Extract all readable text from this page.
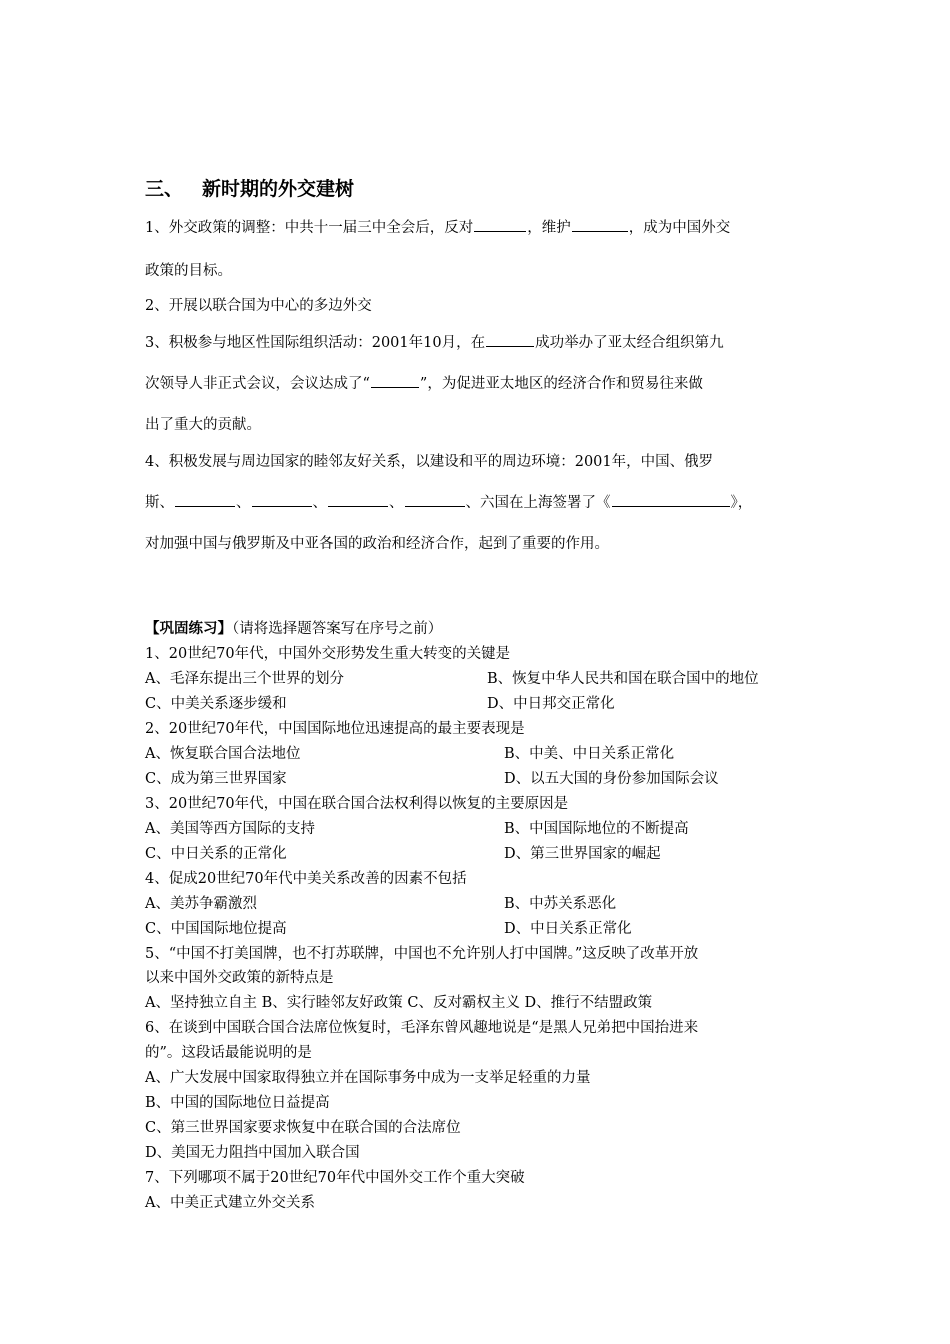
三、 新时期的外交建树
1、外交政策的调整：中共十一届三中全会后，反对	，维护	，成为中国外交
政策的目标。
2、开展以联合国为中心的多边外交
3、积极参与地区性国际组织活动：2001年10月，在	成功举办了亚太经合组织第九
次领导人非正式会议，会议达成了“	”，为促进亚太地区的经济合作和贸易往来做
出了重大的贡献。
4、积极发展与周边国家的睦邻友好关系，以建设和平的周边环境：2001年，中国、俄罗
斯、	、	、	、	、六国在上海签署了《	》，
对加强中国与俄罗斯及中亚各国的政治和经济合作，起到了重要的作用。
【巩固练习】（请将选择题答案写在序号之前）
1、20世纪70年代，中国外交形势发生重大转变的关键是
A、毛泽东提出三个世界的划分	B、恢复中华人民共和国在联合国中的地位
C、中美关系逐步缓和	D、中日邦交正常化
2、20世纪70年代，中国国际地位迅速提高的最主要表现是
A、恢复联合国合法地位	B、中美、中日关系正常化
C、成为第三世界国家	D、以五大国的身份参加国际会议
3、20世纪70年代，中国在联合国合法权利得以恢复的主要原因是
A、美国等西方国际的支持	B、中国国际地位的不断提高
C、中日关系的正常化	D、第三世界国家的崛起
4、促成20世纪70年代中美关系改善的因素不包括
A、美苏争霸激烈	B、中苏关系恶化
C、中国国际地位提高	D、中日关系正常化
5、“中国不打美国牌，也不打苏联牌，中国也不允许别人打中国牌。”这反映了改革开放
以来中国外交政策的新特点是
A、坚持独立自主 B、实行睦邻友好政策 C、反对霸权主义 D、推行不结盟政策
6、在谈到中国联合国合法席位恢复时，毛泽东曾风趣地说是“是黑人兄弟把中国抬进来
的”。这段话最能说明的是
A、广大发展中国家取得独立并在国际事务中成为一支举足轻重的力量
B、中国的国际地位日益提高
C、第三世界国家要求恢复中在联合国的合法席位
D、美国无力阻挡中国加入联合国
7、下列哪项不属于20世纪70年代中国外交工作个重大突破
A、中美正式建立外交关系
